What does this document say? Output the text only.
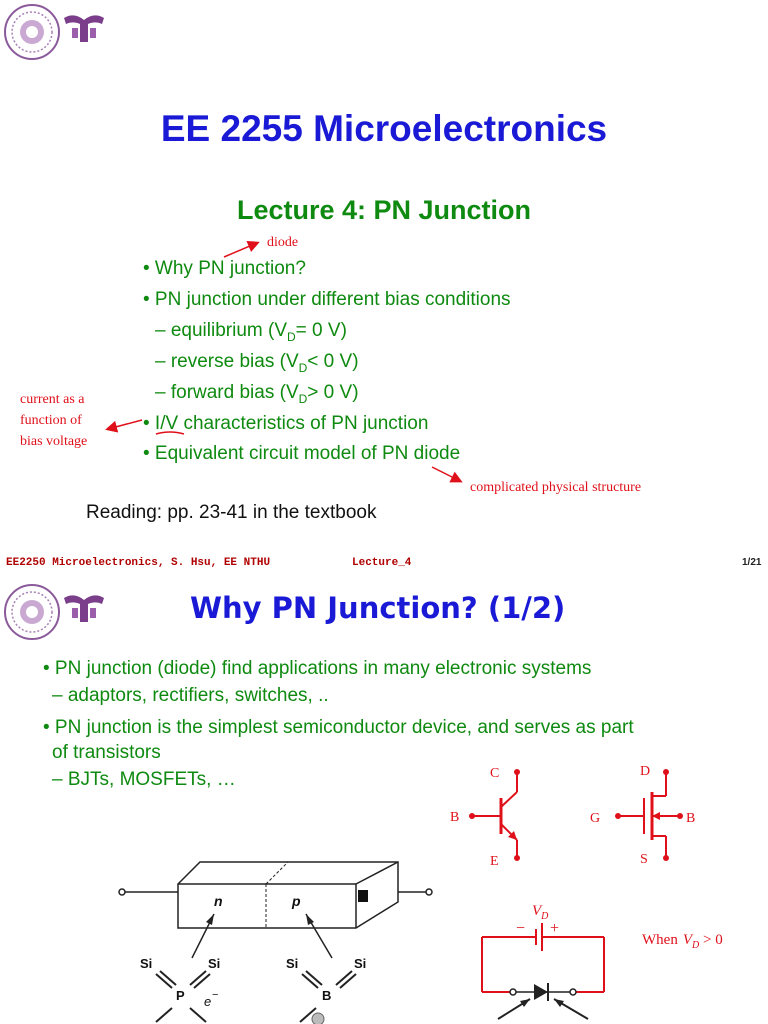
EE 2255 Microelectronics
Lecture 4: PN Junction
• Why PN junction?
• PN junction under different bias conditions
– equilibrium ($V_D= 0$ V)
– reverse bias ($V_D< 0$ V)
– forward bias ($V_D> 0$ V)
• I/V characteristics of PN junction
• Equivalent circuit model of PN diode
diode
current as a
function of
bias voltage
complicated physical structure
Reading: pp. 23-41 in the textbook
EE2250 Microelectronics, S. Hsu, EE NTHU	Lecture_4	1/21
Why PN Junction? (1/2)
• PN junction (diode) find applications in many electronic systems
– adaptors, rectifiers, switches, ..
• PN junction is the simplest semiconductor device, and serves as part
of transistors
– BJTs, MOSFETs, …	C
B
E
D
G	B
S
n	p
Si	Si
P e −
Si	Si
B
$V_D$
− +
When $V_D > 0$
